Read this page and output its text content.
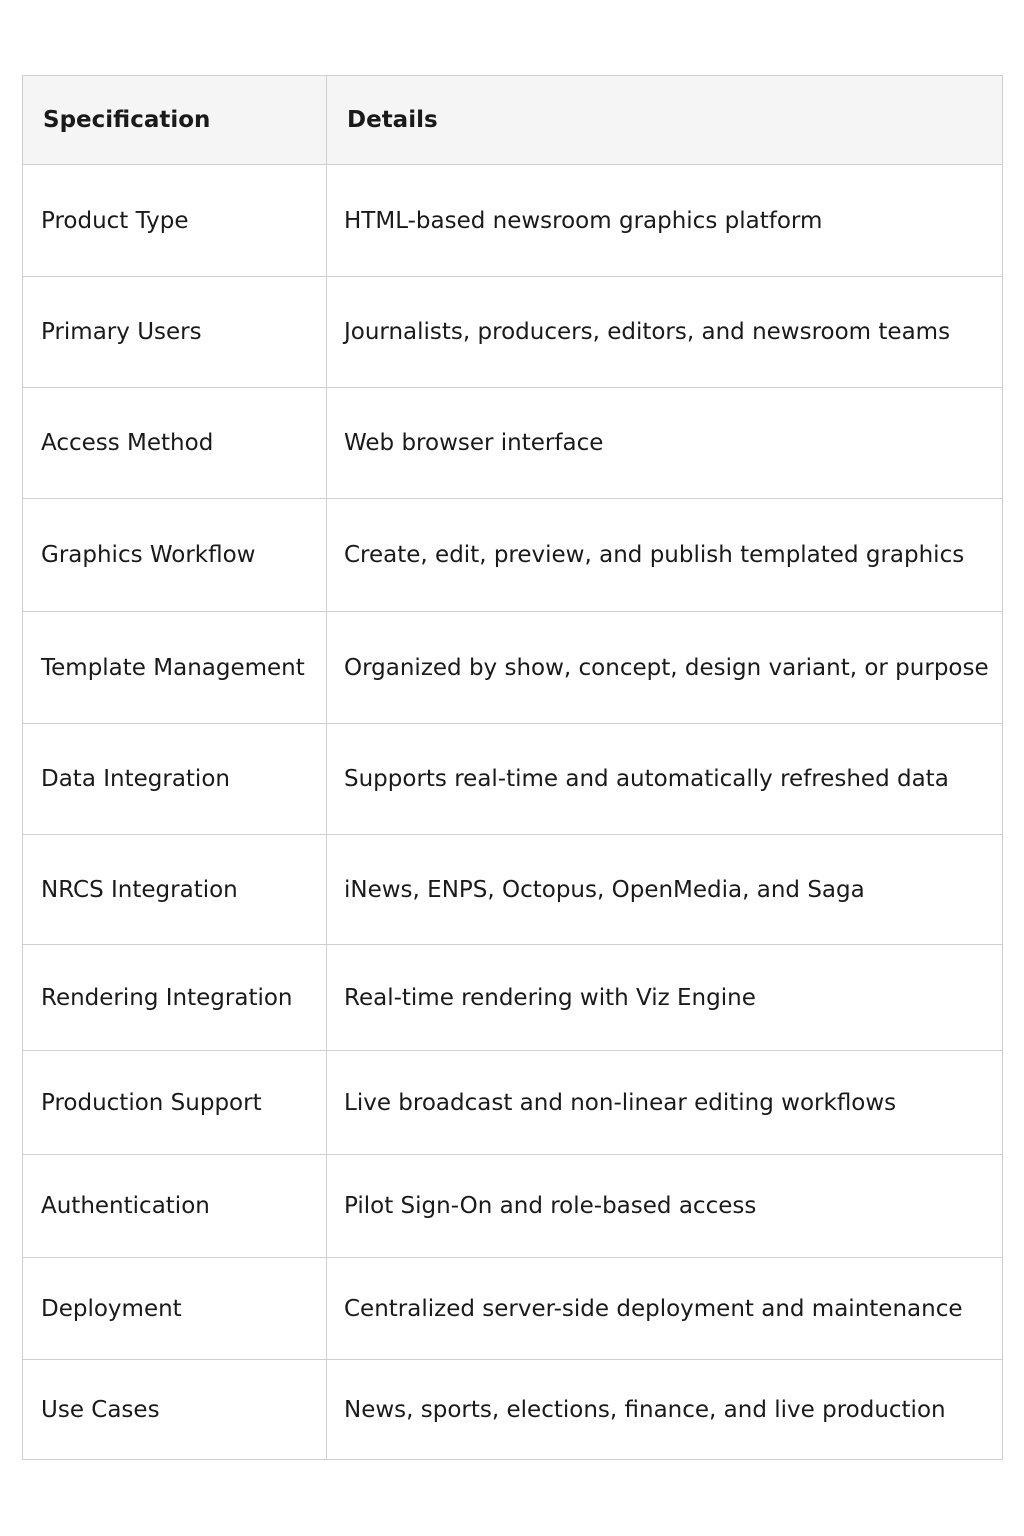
Specification	Details
Product Type	HTML-based newsroom graphics platform
Primary Users	Journalists, producers, editors, and newsroom teams
Access Method	Web browser interface
Graphics Workflow	Create, edit, preview, and publish templated graphics
Template Management	Organized by show, concept, design variant, or purpose
Data Integration	Supports real-time and automatically refreshed data
NRCS Integration	iNews, ENPS, Octopus, OpenMedia, and Saga
Rendering Integration	Real-time rendering with Viz Engine
Production Support	Live broadcast and non-linear editing workflows
Authentication	Pilot Sign-On and role-based access
Deployment	Centralized server-side deployment and maintenance
Use Cases	News, sports, elections, finance, and live production
